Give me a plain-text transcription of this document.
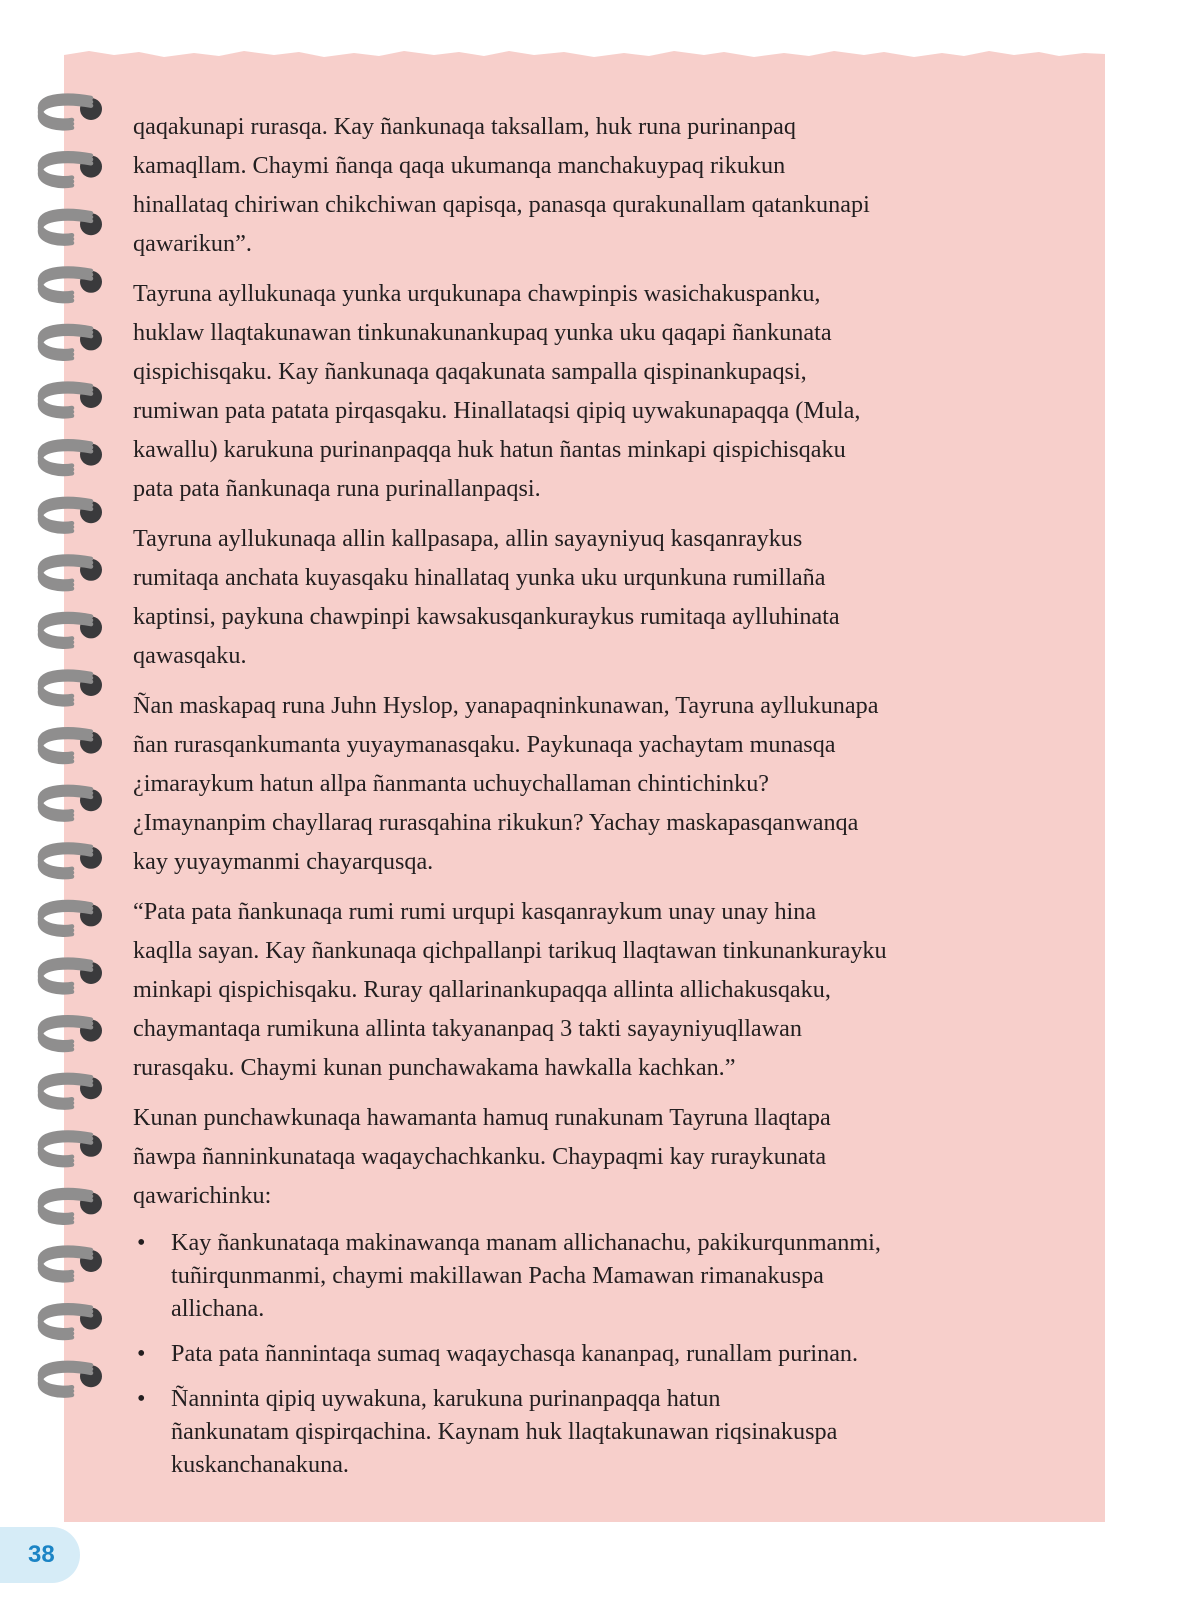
qaqakunapi rurasqa. Kay ñankunaqa taksallam, huk runa purinanpaq
kamaqllam. Chaymi ñanqa qaqa ukumanqa manchakuypaq rikukun
hinallataq chiriwan chikchiwan qapisqa, panasqa qurakunallam qatankunapi
qawarikun”.
Tayruna ayllukunaqa yunka urqukunapa chawpinpis wasichakuspanku,
huklaw llaqtakunawan tinkunakunankupaq yunka uku qaqapi ñankunata
qispichisqaku. Kay ñankunaqa qaqakunata sampalla qispinankupaqsi,
rumiwan pata patata pirqasqaku. Hinallataqsi qipiq uywakunapaqqa (Mula,
kawallu) karukuna purinanpaqqa huk hatun ñantas minkapi qispichisqaku
pata pata ñankunaqa runa purinallanpaqsi.
Tayruna ayllukunaqa allin kallpasapa, allin sayayniyuq kasqanraykus
rumitaqa anchata kuyasqaku hinallataq yunka uku urqunkuna rumillaña
kaptinsi, paykuna chawpinpi kawsakusqankuraykus rumitaqa aylluhinata
qawasqaku.
Ñan maskapaq runa Juhn Hyslop, yanapaqninkunawan, Tayruna ayllukunapa
ñan rurasqankumanta yuyaymanasqaku. Paykunaqa yachaytam munasqa
¿imaraykum hatun allpa ñanmanta uchuychallaman chintichinku?
¿Imaynanpim chayllaraq rurasqahina rikukun? Yachay maskapasqanwanqa
kay yuyaymanmi chayarqusqa.
“Pata pata ñankunaqa rumi rumi urqupi kasqanraykum unay unay hina
kaqlla sayan. Kay ñankunaqa qichpallanpi tarikuq llaqtawan tinkunankurayku
minkapi qispichisqaku. Ruray qallarinankupaqqa allinta allichakusqaku,
chaymantaqa rumikuna allinta takyananpaq 3 takti sayayniyuqllawan
rurasqaku. Chaymi kunan punchawakama hawkalla kachkan.”
Kunan punchawkunaqa hawamanta hamuq runakunam Tayruna llaqtapa
ñawpa ñanninkunataqa waqaychachkanku. Chaypaqmi kay ruraykunata
qawarichinku:
• Kay ñankunataqa makinawanqa manam allichanachu, pakikurqunmanmi,
tuñirqunmanmi, chaymi makillawan Pacha Mamawan rimanakuspa
allichana.
• Pata pata ñannintaqa sumaq waqaychasqa kananpaq, runallam purinan.
• Ñanninta qipiq uywakuna, karukuna purinanpaqqa hatun
ñankunatam qispirqachina. Kaynam huk llaqtakunawan riqsinakuspa
kuskanchanakuna.
38
